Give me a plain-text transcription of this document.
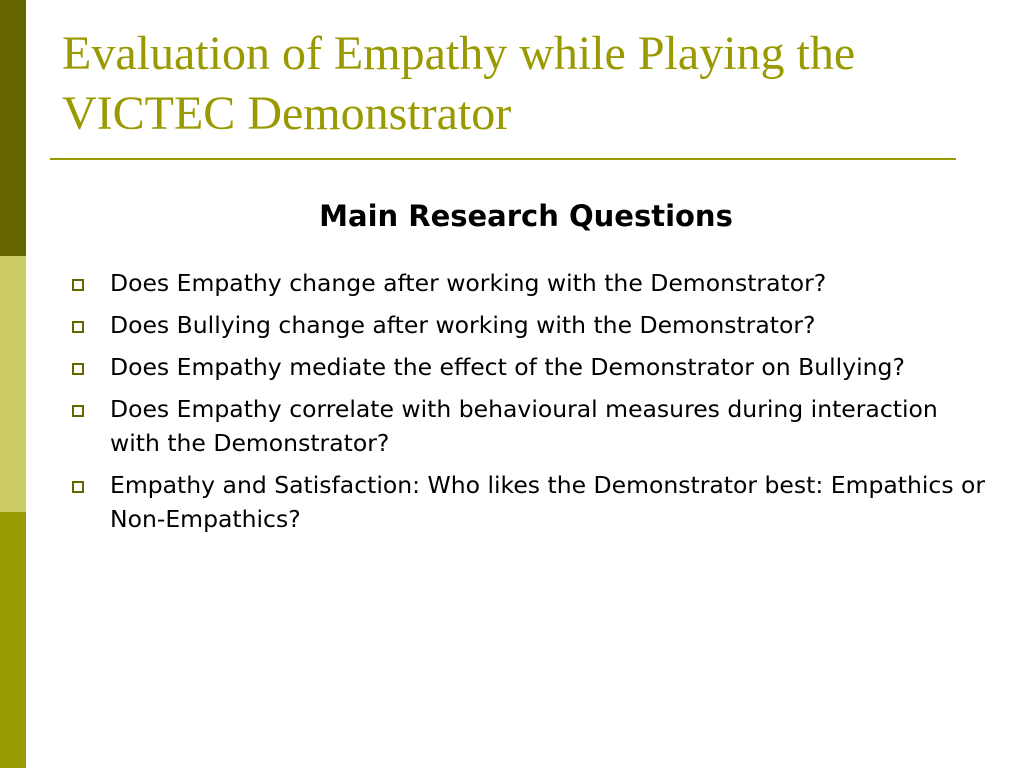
Evaluation of Empathy while Playing the VICTEC Demonstrator
Main Research Questions
Does Empathy change after working with the Demonstrator?
Does Bullying change after working with the Demonstrator?
Does Empathy mediate the effect of the Demonstrator on Bullying?
Does Empathy correlate with behavioural measures during interaction with the Demonstrator?
Empathy and Satisfaction: Who likes the Demonstrator best: Empathics or Non-Empathics?
